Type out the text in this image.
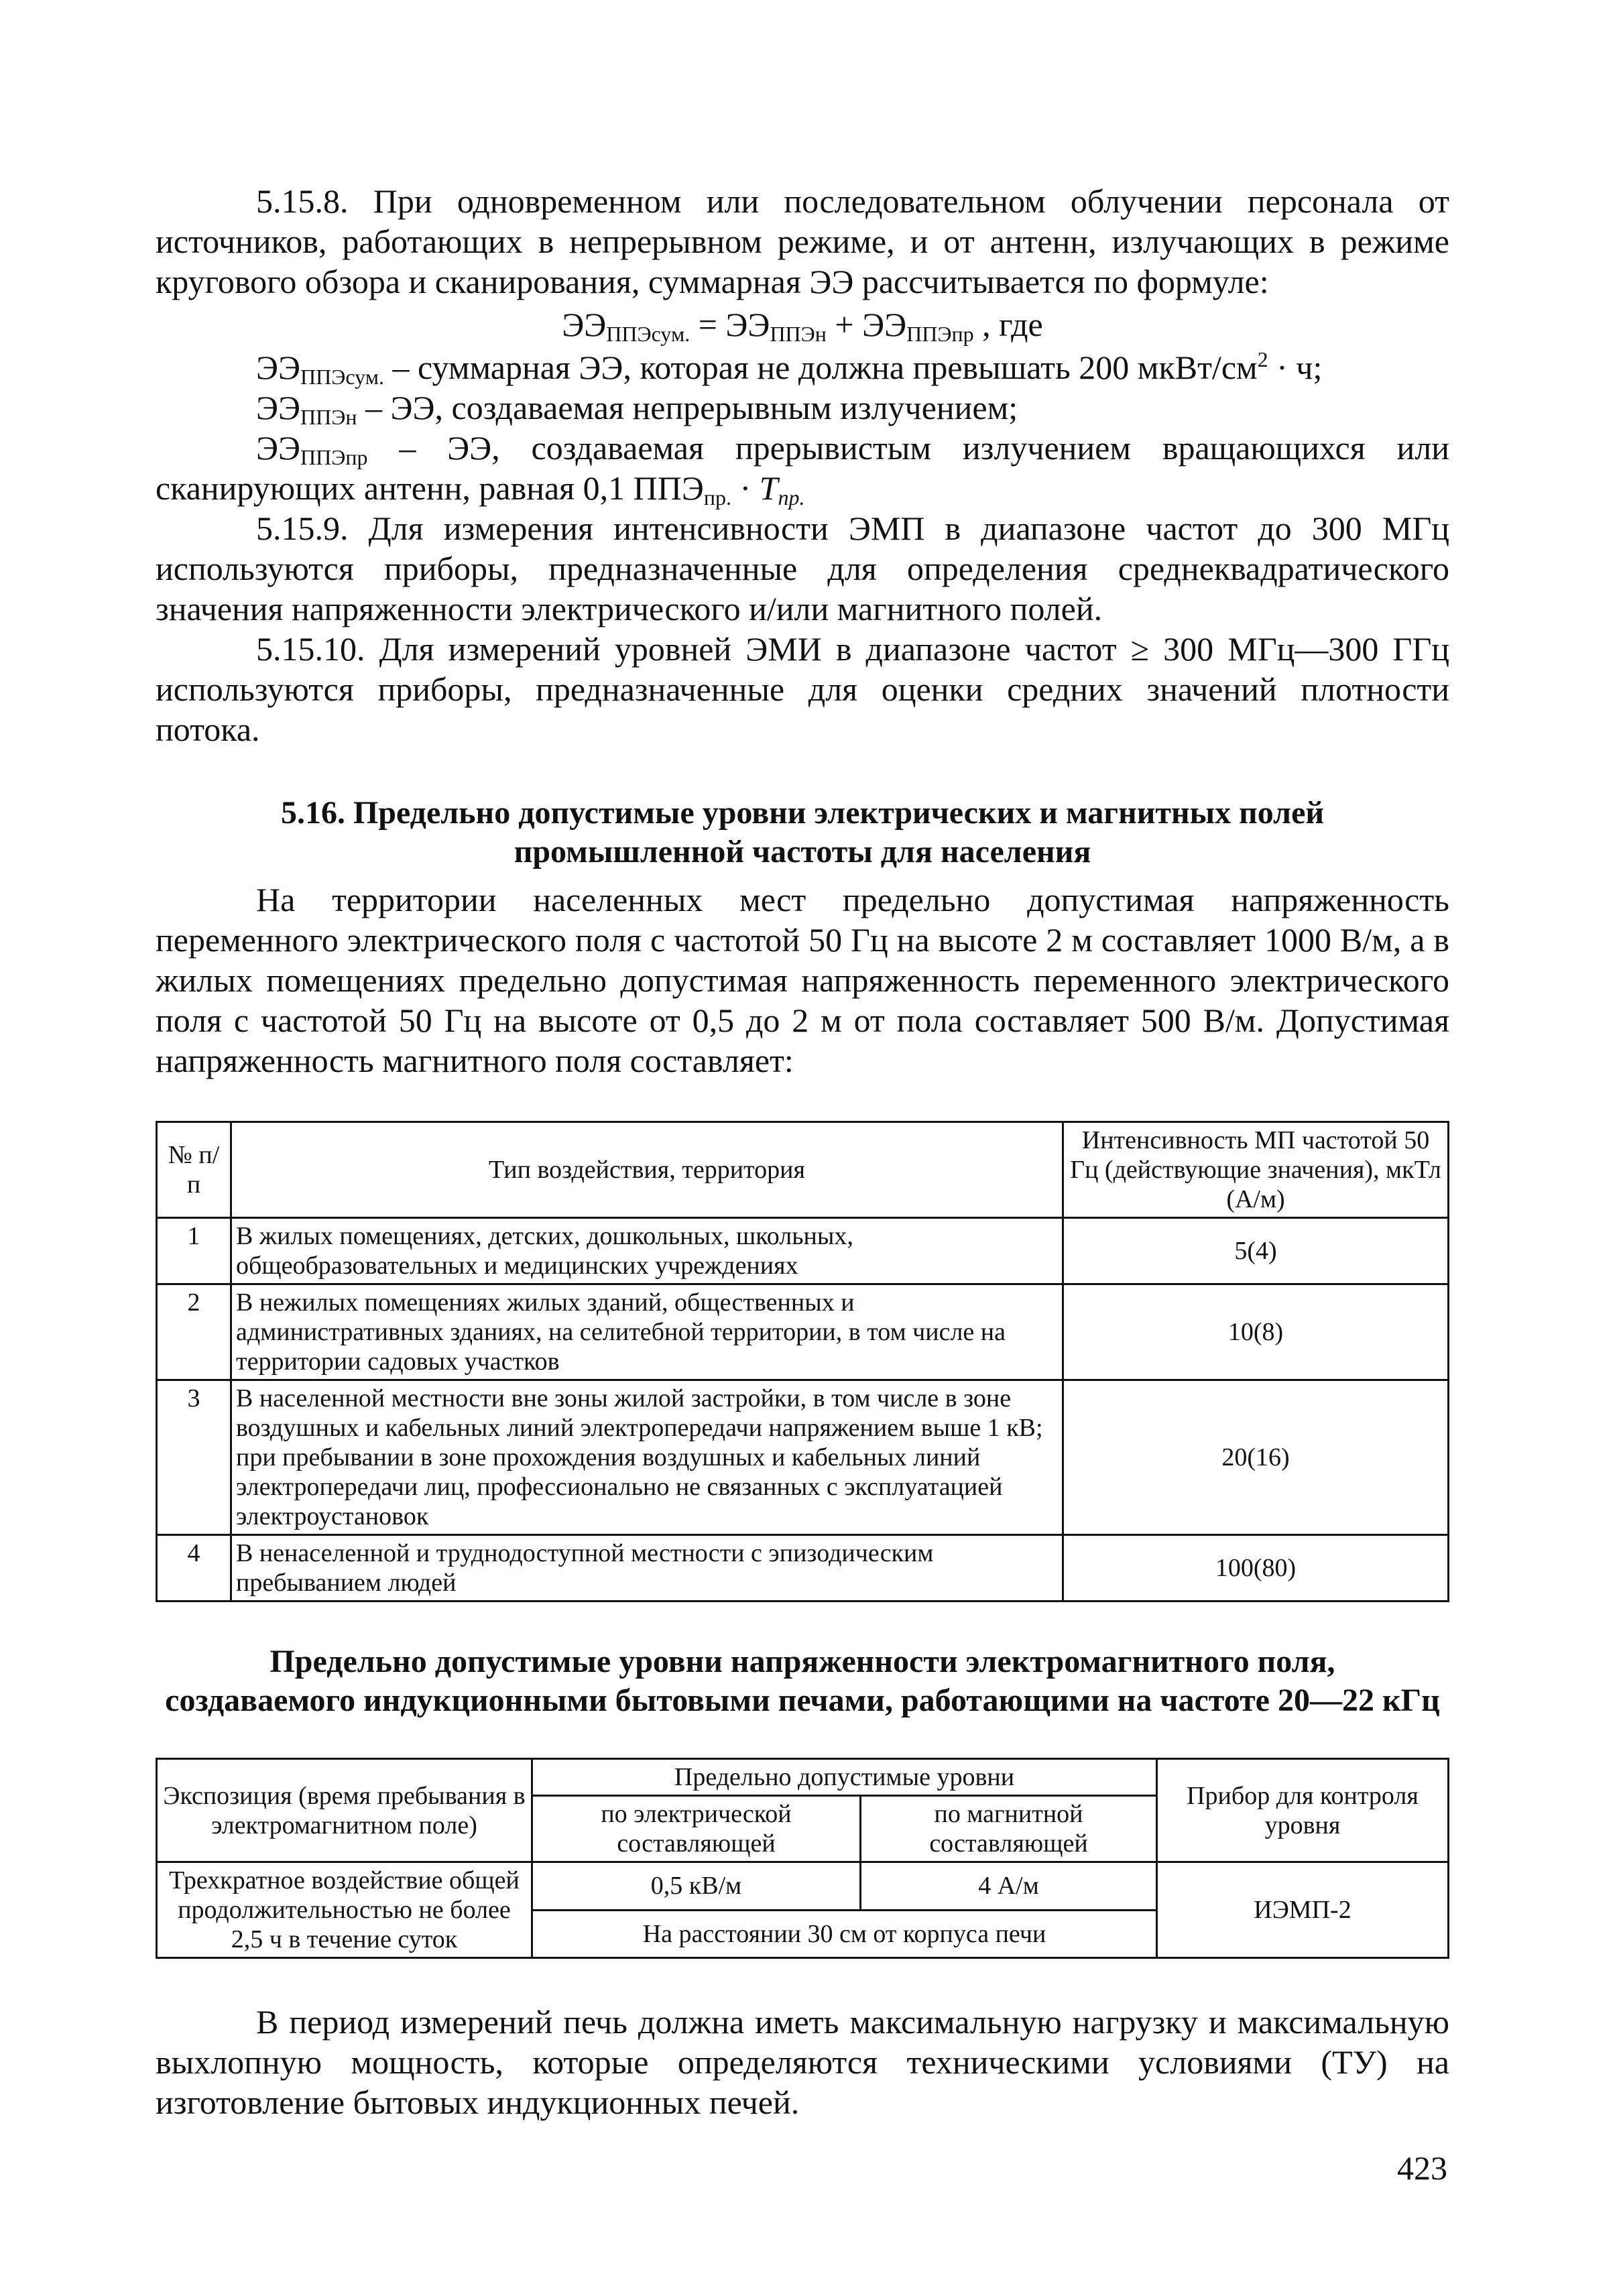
5.15.8. При одновременном или последовательном облучении персонала от источников, работающих в непрерывном режиме, и от антенн, излучающих в режиме кругового обзора и сканирования, суммарная ЭЭ рассчитывается по формуле:

$ЭЭ_{ППЭсум.} = ЭЭ_{ППЭн} + ЭЭ_{ППЭпр}$ , где

$ЭЭ_{ППЭсум.}$ – суммарная ЭЭ, которая не должна превышать 200 мкВт/$см^2 \cdot ч$;

$ЭЭ_{ППЭн}$ – ЭЭ, создаваемая непрерывным излучением;

$ЭЭ_{ППЭпр}$ – ЭЭ, создаваемая прерывистым излучением вращающихся или сканирующих антенн, равная 0,1 $ППЭ_{пр.} \cdot T_{пр.}$

5.15.9. Для измерения интенсивности ЭМП в диапазоне частот до 300 МГц используются приборы, предназначенные для определения среднеквадратического значения напряженности электрического и/или магнитного полей.

5.15.10. Для измерений уровней ЭМИ в диапазоне частот ≥ 300 МГц—300 ГГц используются приборы, предназначенные для оценки средних значений плотности потока.

5.16. Предельно допустимые уровни электрических и магнитных полей
промышленной частоты для населения

На территории населенных мест предельно допустимая напряженность переменного электрического поля с частотой 50 Гц на высоте 2 м составляет 1000 В/м, а в жилых помещениях предельно допустимая напряженность переменного электрического поля с частотой 50 Гц на высоте от 0,5 до 2 м от пола составляет 500 В/м. Допустимая напряженность магнитного поля составляет:

№ п/п	Тип воздействия, территория	Интенсивность МП частотой 50 Гц (действующие значения), мкТл (А/м)
1	В жилых помещениях, детских, дошкольных, школьных, общеобразовательных и медицинских учреждениях	5(4)
2	В нежилых помещениях жилых зданий, общественных и административных зданиях, на селитебной территории, в том числе на территории садовых участков	10(8)
3	В населенной местности вне зоны жилой застройки, в том числе в зоне воздушных и кабельных линий электропередачи напряжением выше 1 кВ; при пребывании в зоне прохождения воздушных и кабельных линий электропередачи лиц, профессионально не связанных с эксплуатацией электроустановок	20(16)
4	В ненаселенной и труднодоступной местности с эпизодическим пребыванием людей	100(80)
Предельно допустимые уровни напряженности электромагнитного поля,
создаваемого индукционными бытовыми печами, работающими на частоте 20—22 кГц
Экспозиция (время пребывания в электромагнитном поле)	Предельно допустимые уровни		Прибор для контроля уровня
	по электрической составляющей	по магнитной составляющей	
Трехкратное воздействие общей продолжительностью не более 2,5 ч в течение суток	0,5 кВ/м	4 А/м	ИЭМП-2
	На расстоянии 30 см от корпуса печи		

В период измерений печь должна иметь максимальную нагрузку и максимальную выхлопную мощность, которые определяются техническими условиями (ТУ) на изготовление бытовых индукционных печей.

423
